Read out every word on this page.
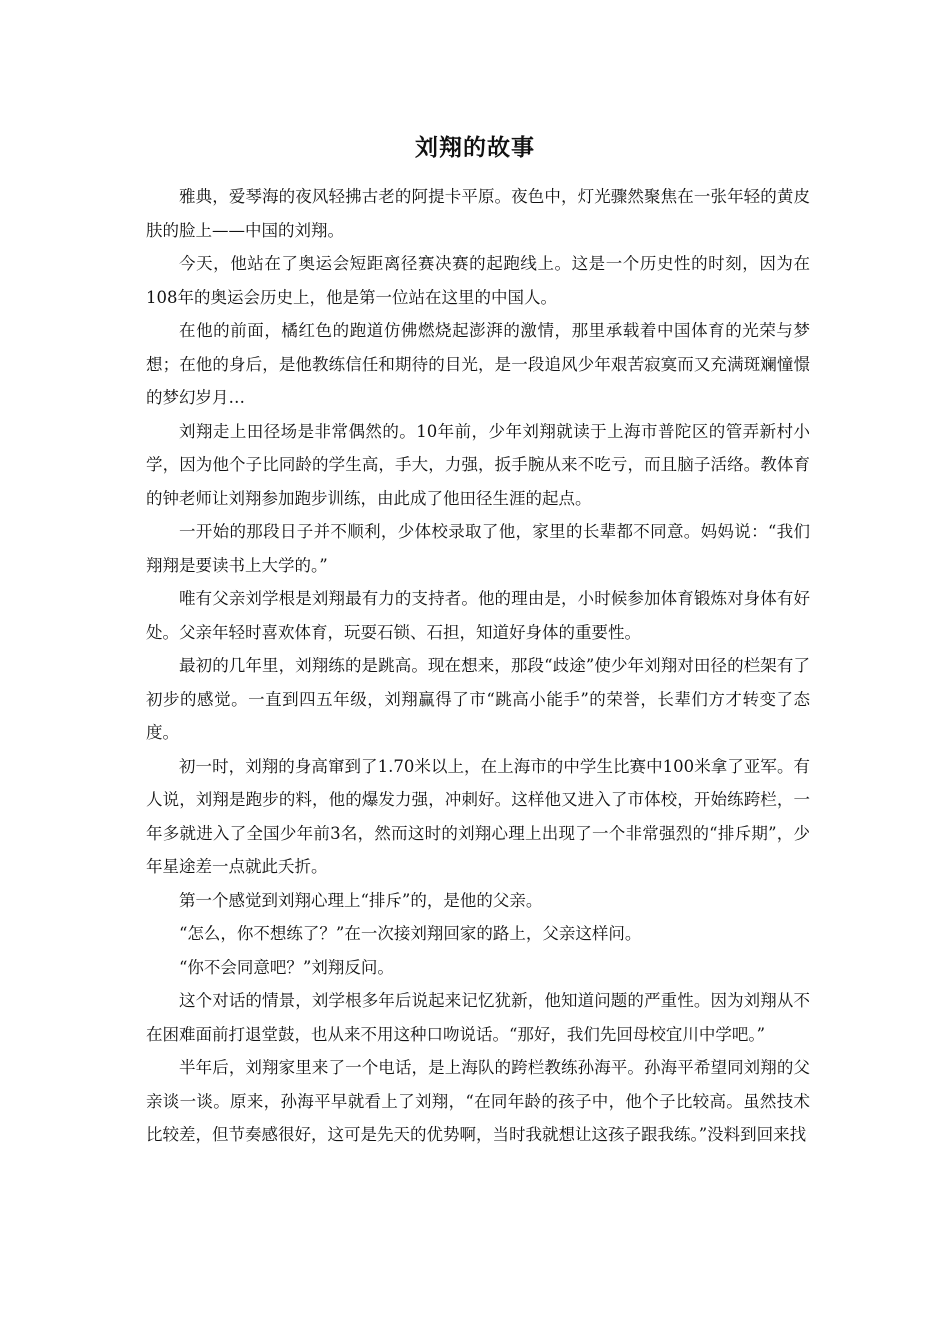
刘翔的故事

雅典，爱琴海的夜风轻拂古老的阿提卡平原。夜色中，灯光骤然聚焦在一张年轻的黄皮肤的脸上——中国的刘翔。

今天，他站在了奥运会短距离径赛决赛的起跑线上。这是一个历史性的时刻，因为在108年的奥运会历史上，他是第一位站在这里的中国人。

在他的前面，橘红色的跑道仿佛燃烧起澎湃的激情，那里承载着中国体育的光荣与梦想；在他的身后，是他教练信任和期待的目光，是一段追风少年艰苦寂寞而又充满斑斓憧憬的梦幻岁月…

刘翔走上田径场是非常偶然的。10年前，少年刘翔就读于上海市普陀区的管弄新村小学，因为他个子比同龄的学生高，手大，力强，扳手腕从来不吃亏，而且脑子活络。教体育的钟老师让刘翔参加跑步训练，由此成了他田径生涯的起点。

一开始的那段日子并不顺利，少体校录取了他，家里的长辈都不同意。妈妈说：“我们翔翔是要读书上大学的。”

唯有父亲刘学根是刘翔最有力的支持者。他的理由是，小时候参加体育锻炼对身体有好处。父亲年轻时喜欢体育，玩耍石锁、石担，知道好身体的重要性。

最初的几年里，刘翔练的是跳高。现在想来，那段“歧途”使少年刘翔对田径的栏架有了初步的感觉。一直到四五年级，刘翔赢得了市“跳高小能手”的荣誉，长辈们方才转变了态度。

初一时，刘翔的身高窜到了1.70米以上，在上海市的中学生比赛中100米拿了亚军。有人说，刘翔是跑步的料，他的爆发力强，冲刺好。这样他又进入了市体校，开始练跨栏，一年多就进入了全国少年前3名，然而这时的刘翔心理上出现了一个非常强烈的“排斥期”，少年星途差一点就此夭折。

第一个感觉到刘翔心理上“排斥”的，是他的父亲。

“怎么，你不想练了？”在一次接刘翔回家的路上，父亲这样问。

“你不会同意吧？”刘翔反问。

这个对话的情景，刘学根多年后说起来记忆犹新，他知道问题的严重性。因为刘翔从不在困难面前打退堂鼓，也从来不用这种口吻说话。“那好，我们先回母校宜川中学吧。”

半年后，刘翔家里来了一个电话，是上海队的跨栏教练孙海平。孙海平希望同刘翔的父亲谈一谈。原来，孙海平早就看上了刘翔，“在同年龄的孩子中，他个子比较高。虽然技术比较差，但节奏感很好，这可是先天的优势啊，当时我就想让这孩子跟我练。”没料到回来找
